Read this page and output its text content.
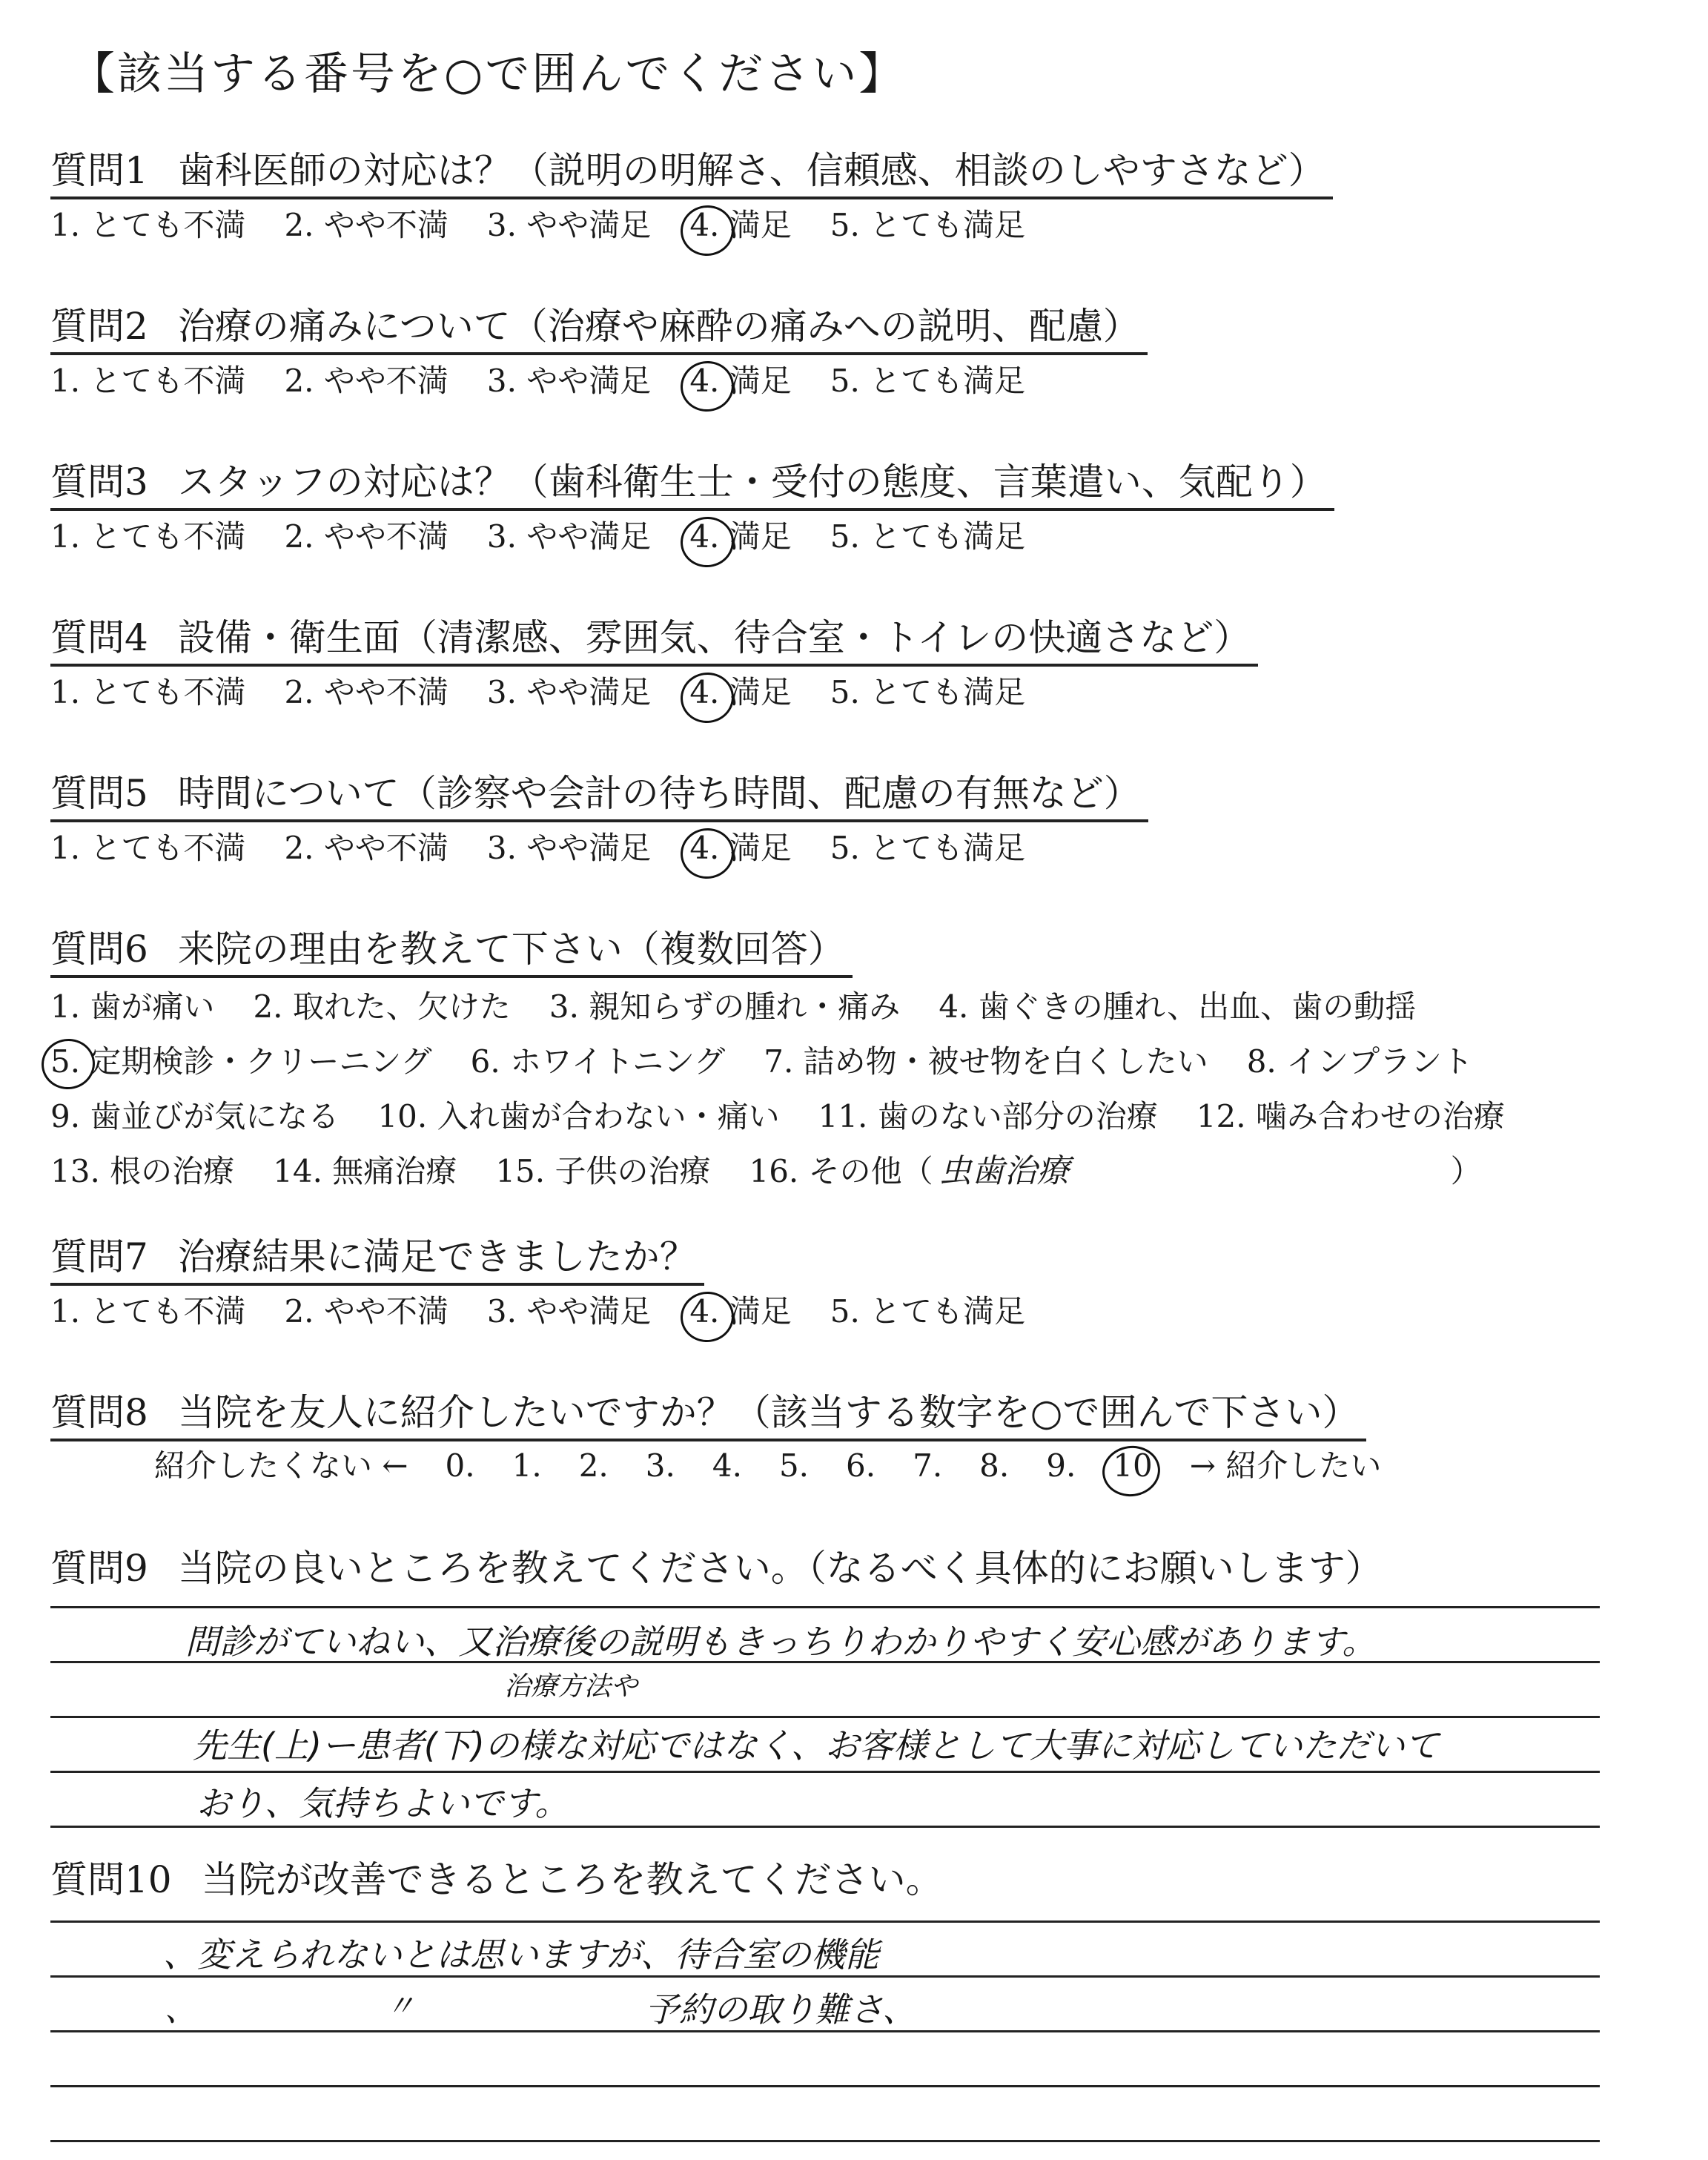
【該当する番号を○で囲んでください】
質問1 歯科医師の対応は？（説明の明解さ、信頼感、相談のしやすさなど）
1. とても不満 2. やや不満 3. やや満足 4. 満足 5. とても満足
質問2 治療の痛みについて（治療や麻酔の痛みへの説明、配慮）
1. とても不満 2. やや不満 3. やや満足 4. 満足 5. とても満足
質問3 スタッフの対応は？（歯科衛生士・受付の態度、言葉遣い、気配り）
1. とても不満 2. やや不満 3. やや満足 4. 満足 5. とても満足
質問4 設備・衛生面（清潔感、雰囲気、待合室・トイレの快適さなど）
1. とても不満 2. やや不満 3. やや満足 4. 満足 5. とても満足
質問5 時間について（診察や会計の待ち時間、配慮の有無など）
1. とても不満 2. やや不満 3. やや満足 4. 満足 5. とても満足
質問6 来院の理由を教えて下さい（複数回答）
1. 歯が痛い 2. 取れた、欠けた 3. 親知らずの腫れ・痛み 4. 歯ぐきの腫れ、出血、歯の動揺
5. 定期検診・クリーニング 6. ホワイトニング 7. 詰め物・被せ物を白くしたい 8. インプラント
9. 歯並びが気になる 10. 入れ歯が合わない・痛い 11. 歯のない部分の治療 12. 噛み合わせの治療
13. 根の治療 14. 無痛治療 15. 子供の治療 16. その他（ 虫歯治療	）
質問7 治療結果に満足できましたか？
1. とても不満 2. やや不満 3. やや満足 4. 満足 5. とても満足
質問8 当院を友人に紹介したいですか？（該当する数字を○で囲んで下さい）
紹介したくない ← 0. 1. 2. 3. 4. 5. 6. 7. 8. 9. 10 → 紹介したい
質問9 当院の良いところを教えてください。（なるべく具体的にお願いします）
問診がていねい、又治療後の説明もきっちりわかりやすく安心感があります。
治療方法や
先生(上)ー患者(下)の様な対応ではなく、お客様として大事に対応していただいて
おり、気持ちよいです。
質問10 当院が改善できるところを教えてください。
、変えられないとは思いますが、待合室の機能
、	〃	予約の取り難さ、
